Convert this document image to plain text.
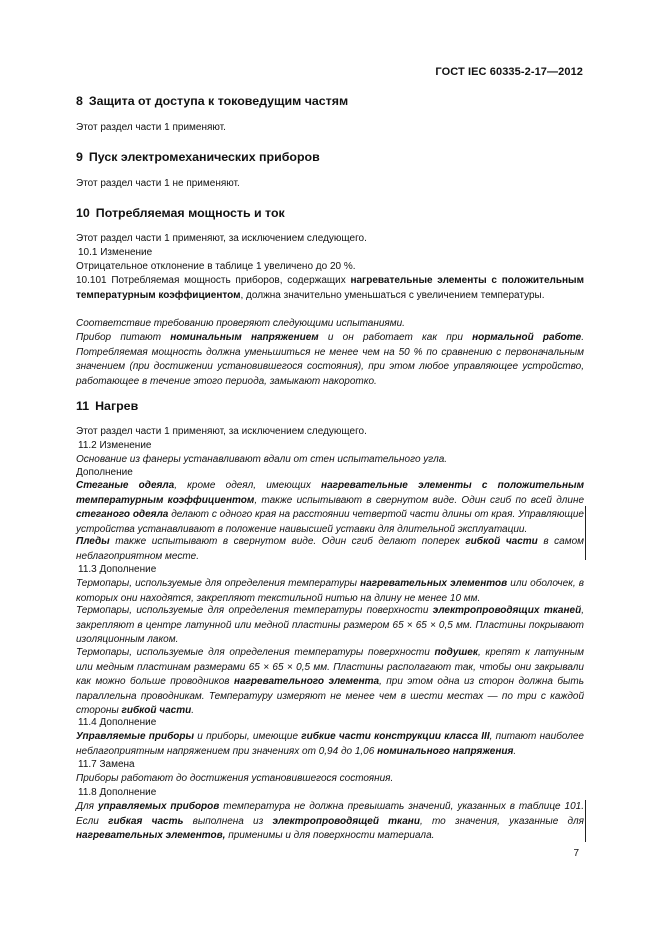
ГОСТ IEC 60335-2-17—2012
8 Защита от доступа к токоведущим частям

Этот раздел части 1 применяют.

9 Пуск электромеханических приборов

Этот раздел части 1 не применяют.

10 Потребляемая мощность и ток

Этот раздел части 1 применяют, за исключением следующего.

10.1 Изменение

Отрицательное отклонение в таблице 1 увеличено до 20 %.

10.101 Потребляемая мощность приборов, содержащих нагревательные элементы с положительным температурным коэффициентом, должна значительно уменьшаться с увеличением температуры.

Соответствие требованию проверяют следующими испытаниями.

Прибор питают номинальным напряжением и он работает как при нормальной работе. Потребляемая мощность должна уменьшиться не менее чем на 50 % по сравнению с первоначальным значением (при достижении установившегося состояния), при этом любое управляющее устройство, работающее в течение этого периода, замыкают накоротко.

11 Нагрев

Этот раздел части 1 применяют, за исключением следующего.

11.2 Изменение

Основание из фанеры устанавливают вдали от стен испытательного угла.

Дополнение

Стеганые одеяла, кроме одеял, имеющих нагревательные элементы с положительным температурным коэффициентом, также испытывают в свернутом виде. Один сгиб по всей длине стеганого одеяла делают с одного края на расстоянии четвертой части длины от края. Управляющие устройства устанавливают в положение наивысшей уставки для длительной эксплуатации.

Пледы также испытывают в свернутом виде. Один сгиб делают поперек гибкой части в самом неблагоприятном месте.

11.3 Дополнение

Термопары, используемые для определения температуры нагревательных элементов или оболочек, в которых они находятся, закрепляют текстильной нитью на длину не менее 10 мм.

Термопары, используемые для определения температуры поверхности электропроводящих тканей, закрепляют в центре латунной или медной пластины размером 65 × 65 × 0,5 мм. Пластины покрывают изоляционным лаком.

Термопары, используемые для определения температуры поверхности подушек, крепят к латунным или медным пластинам размерами 65 × 65 × 0,5 мм. Пластины располагают так, чтобы они закрывали как можно больше проводников нагревательного элемента, при этом одна из сторон должна быть параллельна проводникам. Температуру измеряют не менее чем в шести местах — по три с каждой стороны гибкой части.

11.4 Дополнение

Управляемые приборы и приборы, имеющие гибкие части конструкции класса III, питают наиболее неблагоприятным напряжением при значениях от 0,94 до 1,06 номинального напряжения.

11.7 Замена

Приборы работают до достижения установившегося состояния.

11.8 Дополнение

Для управляемых приборов температура не должна превышать значений, указанных в таблице 101. Если гибкая часть выполнена из электропроводящей ткани, то значения, указанные для нагревательных элементов, применимы и для поверхности материала.

7
